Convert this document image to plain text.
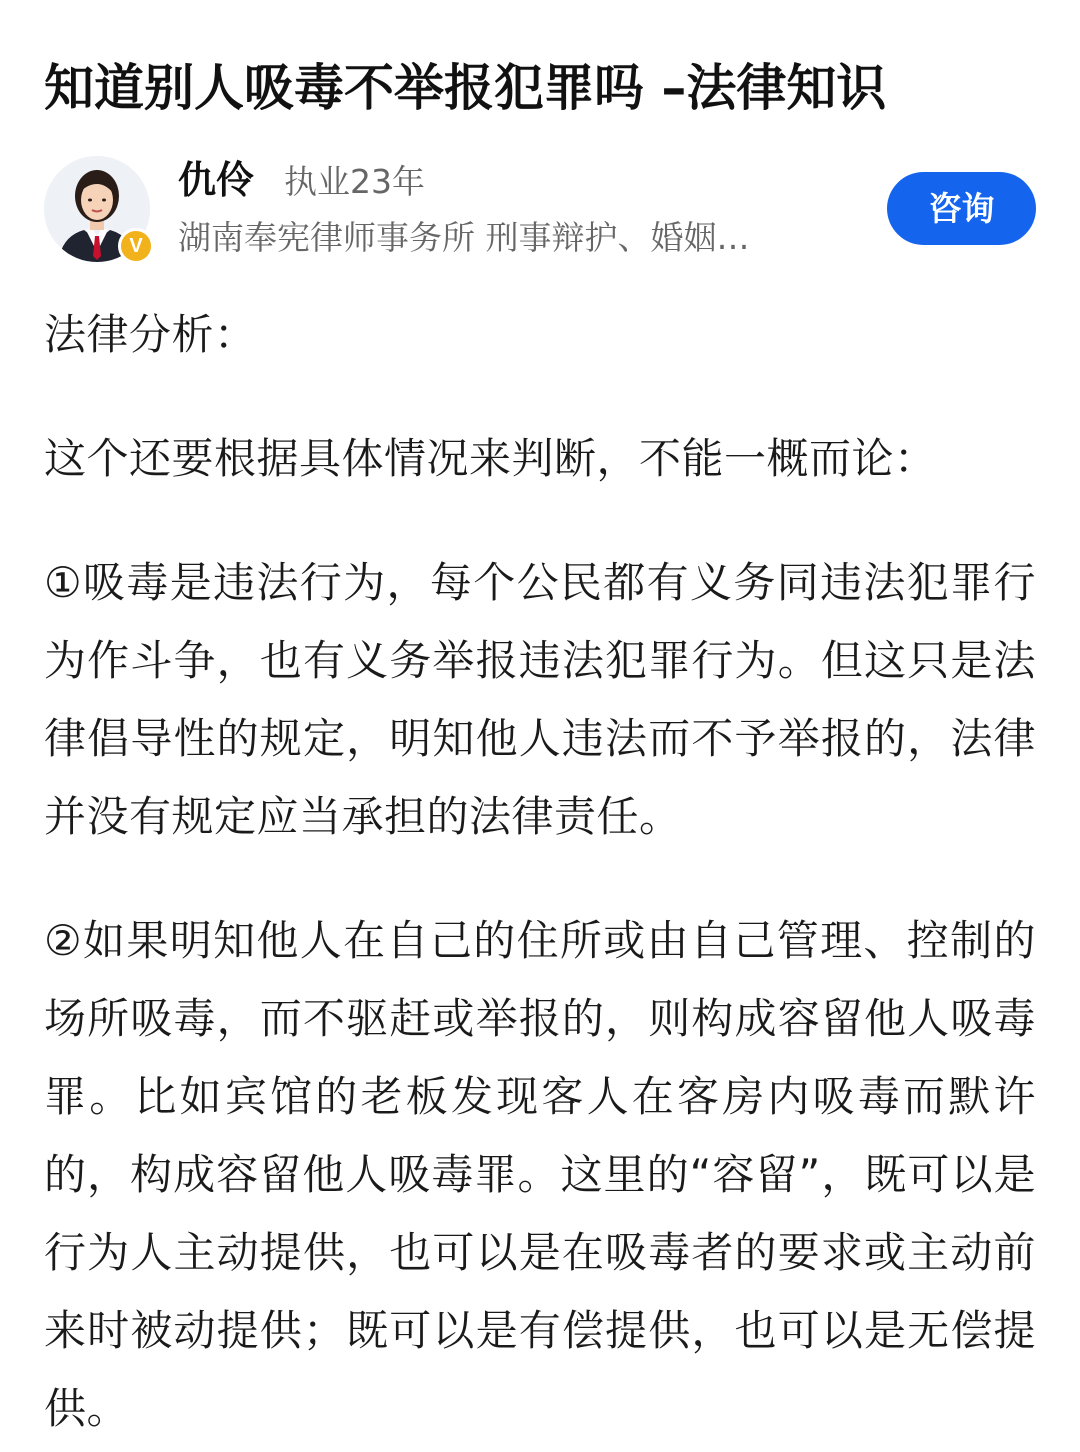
知道别人吸毒不举报犯罪吗 –法律知识
V
仇伶 执业23年
湖南奉宪律师事务所 刑事辩护、婚姻…
咨询

法律分析：

这个还要根据具体情况来判断，不能一概而论：

①吸毒是违法行为，每个公民都有义务同违法犯罪行为作斗争，也有义务举报违法犯罪行为。但这只是法律倡导性的规定，明知他人违法而不予举报的，法律并没有规定应当承担的法律责任。

②如果明知他人在自己的住所或由自己管理、控制的场所吸毒，而不驱赶或举报的，则构成容留他人吸毒罪。比如宾馆的老板发现客人在客房内吸毒而默许的，构成容留他人吸毒罪。这里的“容留”，既可以是行为人主动提供，也可以是在吸毒者的要求或主动前来时被动提供；既可以是有偿提供，也可以是无偿提供。
